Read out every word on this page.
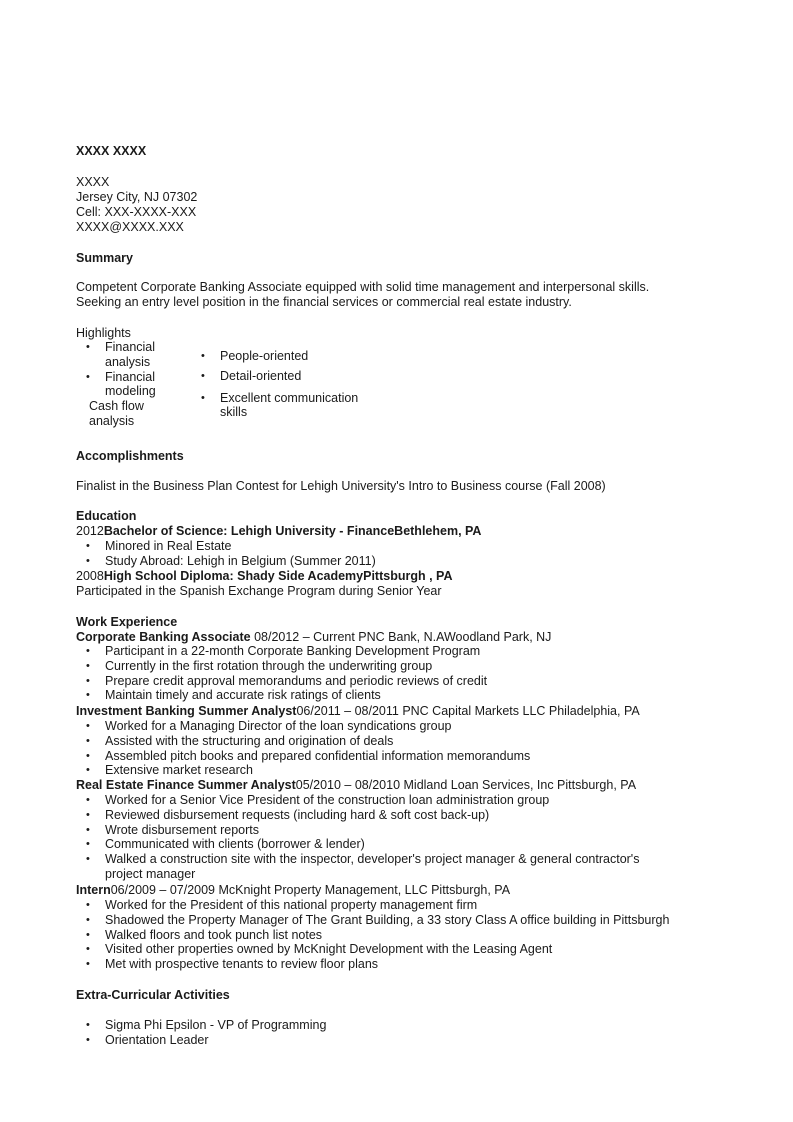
XXXX XXXX
XXXX
Jersey City, NJ 07302
Cell: XXX-XXXX-XXX
XXXX@XXXX.XXX
Summary
Competent Corporate Banking Associate equipped with solid time management and interpersonal skills.
Seeking an entry level position in the financial services or commercial real estate industry.
Highlights
• Financial analysis
• Financial modeling
Cash flow analysis
• People-oriented
• Detail-oriented
• Excellent communication skills
Accomplishments
Finalist in the Business Plan Contest for Lehigh University's Intro to Business course (Fall 2008)
Education
2012Bachelor of Science: Lehigh University - FinanceBethlehem, PA
• Minored in Real Estate
• Study Abroad: Lehigh in Belgium (Summer 2011)
2008High School Diploma: Shady Side AcademyPittsburgh , PA
Participated in the Spanish Exchange Program during Senior Year
Work Experience
Corporate Banking Associate 08/2012 – Current PNC Bank, N.AWoodland Park, NJ
• Participant in a 22-month Corporate Banking Development Program
• Currently in the first rotation through the underwriting group
• Prepare credit approval memorandums and periodic reviews of credit
• Maintain timely and accurate risk ratings of clients
Investment Banking Summer Analyst06/2011 – 08/2011 PNC Capital Markets LLC Philadelphia, PA
• Worked for a Managing Director of the loan syndications group
• Assisted with the structuring and origination of deals
• Assembled pitch books and prepared confidential information memorandums
• Extensive market research
Real Estate Finance Summer Analyst05/2010 – 08/2010 Midland Loan Services, Inc Pittsburgh, PA
• Worked for a Senior Vice President of the construction loan administration group
• Reviewed disbursement requests (including hard & soft cost back-up)
• Wrote disbursement reports
• Communicated with clients (borrower & lender)
• Walked a construction site with the inspector, developer's project manager & general contractor's
project manager
Intern06/2009 – 07/2009 McKnight Property Management, LLC Pittsburgh, PA
• Worked for the President of this national property management firm
• Shadowed the Property Manager of The Grant Building, a 33 story Class A office building in Pittsburgh
• Walked floors and took punch list notes
• Visited other properties owned by McKnight Development with the Leasing Agent
• Met with prospective tenants to review floor plans
Extra-Curricular Activities
• Sigma Phi Epsilon - VP of Programming
• Orientation Leader
